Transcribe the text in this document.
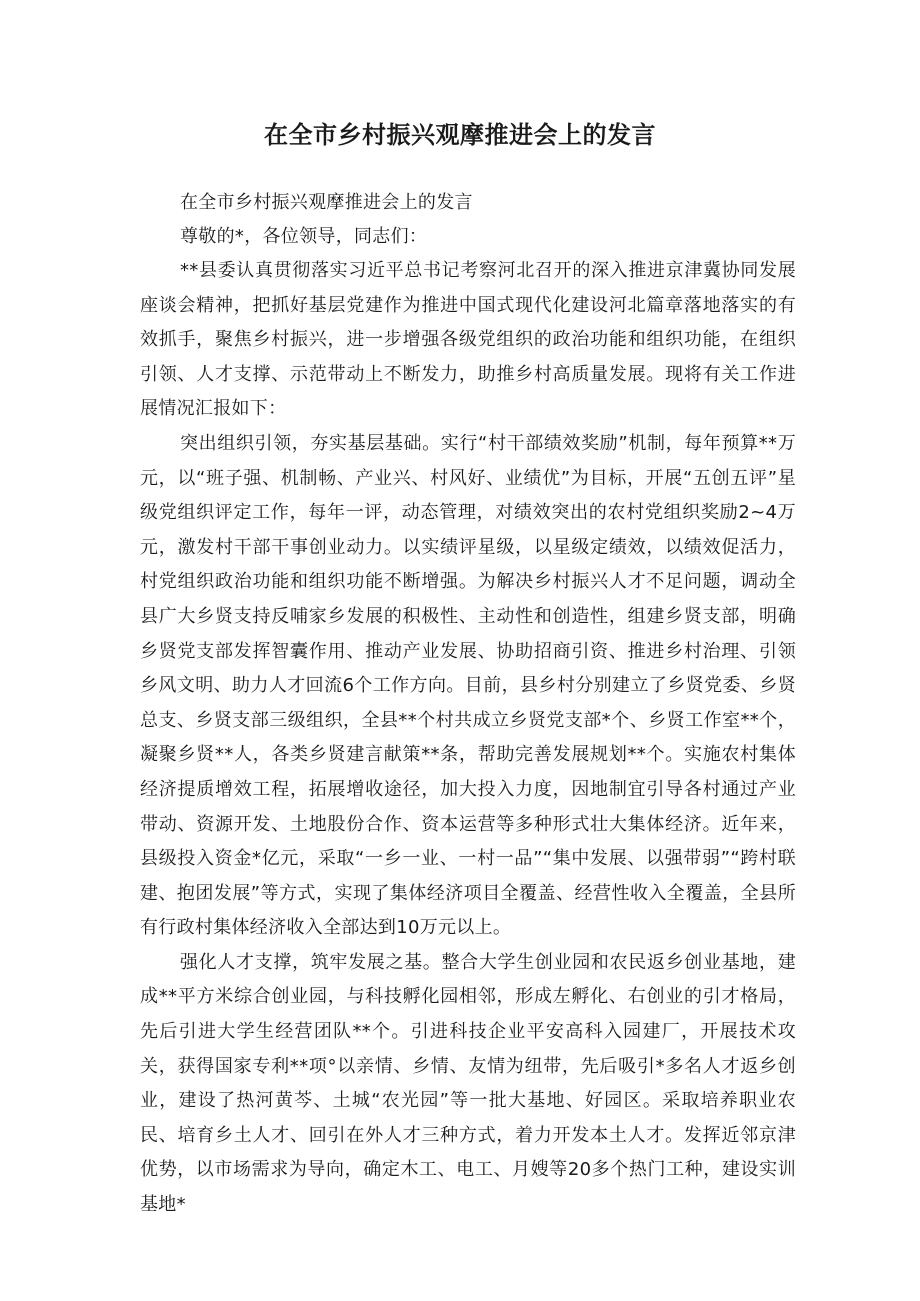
在全市乡村振兴观摩推进会上的发言

在全市乡村振兴观摩推进会上的发言

尊敬的*，各位领导，同志们：

**县委认真贯彻落实习近平总书记考察河北召开的深入推进京津冀协同发展座谈会精神，把抓好基层党建作为推进中国式现代化建设河北篇章落地落实的有效抓手，聚焦乡村振兴，进一步增强各级党组织的政治功能和组织功能，在组织引领、人才支撑、示范带动上不断发力，助推乡村高质量发展。现将有关工作进展情况汇报如下：

突出组织引领，夯实基层基础。实行“村干部绩效奖励”机制，每年预算**万元，以“班子强、机制畅、产业兴、村风好、业绩优”为目标，开展“五创五评”星级党组织评定工作，每年一评，动态管理，对绩效突出的农村党组织奖励2~4万元，激发村干部干事创业动力。以实绩评星级，以星级定绩效，以绩效促活力，村党组织政治功能和组织功能不断增强。为解决乡村振兴人才不足问题，调动全县广大乡贤支持反哺家乡发展的积极性、主动性和创造性，组建乡贤支部，明确乡贤党支部发挥智囊作用、推动产业发展、协助招商引资、推进乡村治理、引领乡风文明、助力人才回流6个工作方向。目前，县乡村分别建立了乡贤党委、乡贤总支、乡贤支部三级组织，全县**个村共成立乡贤党支部*个、乡贤工作室**个，凝聚乡贤**人，各类乡贤建言献策**条，帮助完善发展规划**个。实施农村集体经济提质增效工程，拓展增收途径，加大投入力度，因地制宜引导各村通过产业带动、资源开发、土地股份合作、资本运营等多种形式壮大集体经济。近年来，县级投入资金*亿元，采取“一乡一业、一村一品”“集中发展、以强带弱”“跨村联建、抱团发展”等方式，实现了集体经济项目全覆盖、经营性收入全覆盖，全县所有行政村集体经济收入全部达到10万元以上。

强化人才支撑，筑牢发展之基。整合大学生创业园和农民返乡创业基地，建成**平方米综合创业园，与科技孵化园相邻，形成左孵化、右创业的引才格局，先后引进大学生经营团队**个。引进科技企业平安高科入园建厂，开展技术攻关，获得国家专利**项°以亲情、乡情、友情为纽带，先后吸引*多名人才返乡创业，建设了热河黄芩、土城“农光园”等一批大基地、好园区。采取培养职业农民、培育乡土人才、回引在外人才三种方式，着力开发本土人才。发挥近邻京津优势，以市场需求为导向，确定木工、电工、月嫂等20多个热门工种，建设实训基地*
